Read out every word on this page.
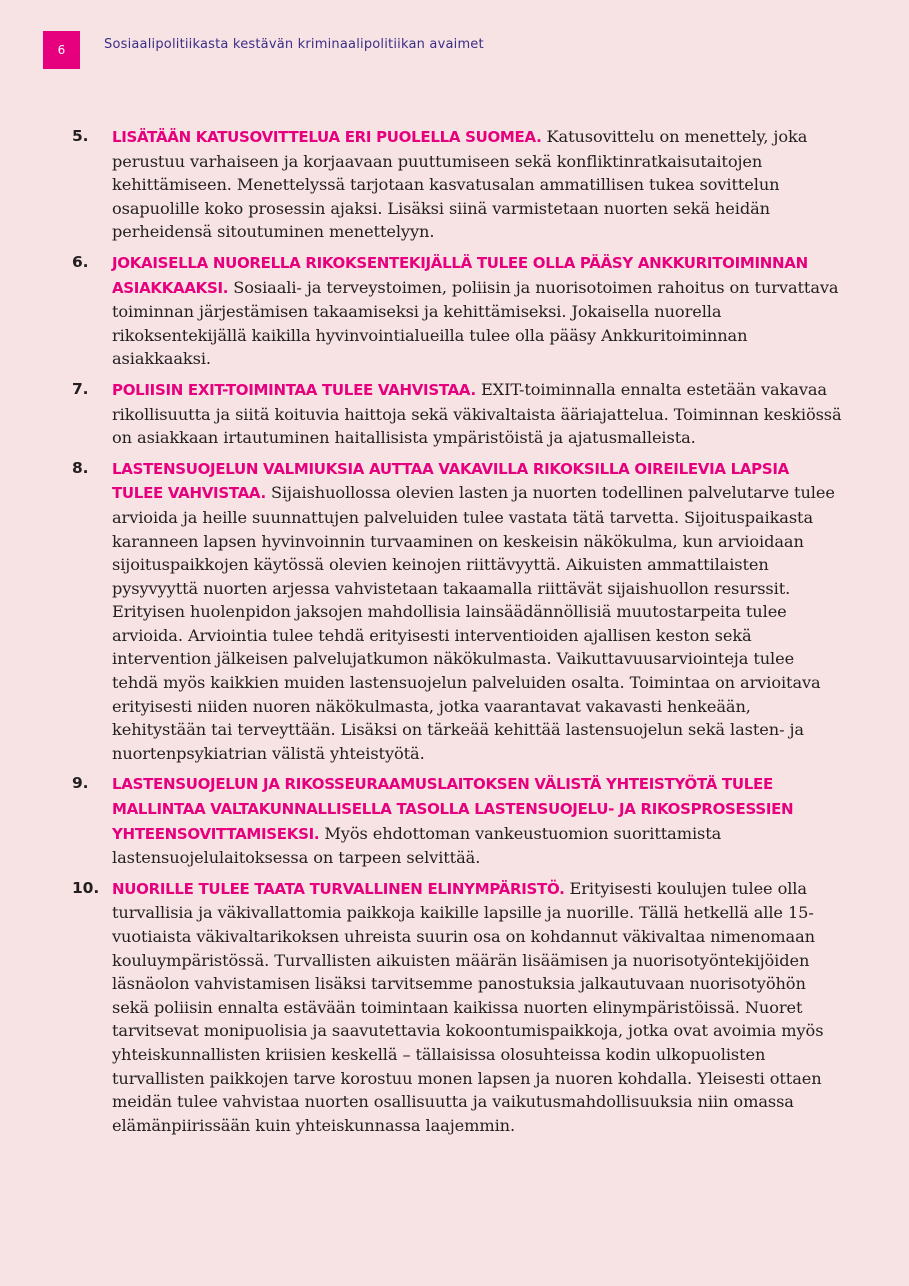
6	Sosiaalipolitiikasta kestävän kriminaalipolitiikan avaimet
5. LISÄTÄÄN KATUSOVITTELUA ERI PUOLELLA SUOMEA. Katusovittelu on menettely, joka perustuu varhaiseen ja korjaavaan puuttumiseen sekä konfliktinratkaisutaitojen kehittämiseen. Menettelyssä tarjotaan kasvatusalan ammatillisen tukea sovittelun osapuolille koko prosessin ajaksi. Lisäksi siinä varmistetaan nuorten sekä heidän perheidensä sitoutuminen menettelyyn.
6. JOKAISELLA NUORELLA RIKOKSENTEKIJÄLLÄ TULEE OLLA PÄÄSY ANKKURITOIMINNAN ASIAKKAAKSI. Sosiaali- ja terveystoimen, poliisin ja nuorisotoimen rahoitus on turvattava toiminnan järjestämisen takaamiseksi ja kehittämiseksi. Jokaisella nuorella rikoksentekijällä kaikilla hyvinvointialueilla tulee olla pääsy Ankkuritoiminnan asiakkaaksi.
7. POLIISIN EXIT-TOIMINTAA TULEE VAHVISTAA. EXIT-toiminnalla ennalta estetään vakavaa rikollisuutta ja siitä koituvia haittoja sekä väkivaltaista ääriajattelua. Toiminnan keskiössä on asiakkaan irtautuminen haitallisista ympäristöistä ja ajatusmalleista.
8. LASTENSUOJELUN VALMIUKSIA AUTTAA VAKAVILLA RIKOKSILLA OIREILEVIA LAPSIA TULEE VAHVISTAA. Sijaishuollossa olevien lasten ja nuorten todellinen palvelutarve tulee arvioida ja heille suunnattujen palveluiden tulee vastata tätä tarvetta. Sijoituspaikasta karanneen lapsen hyvinvoinnin turvaaminen on keskeisin näkökulma, kun arvioidaan sijoituspaikkojen käytössä olevien keinojen riittävyyttä. Aikuisten ammattilaisten pysyvyyttä nuorten arjessa vahvistetaan takaamalla riittävät sijaishuollon resurssit. Erityisen huolenpidon jaksojen mahdollisia lainsäädännöllisiä muutostarpeita tulee arvioida. Arviointia tulee tehdä erityisesti interventioiden ajallisen keston sekä intervention jälkeisen palvelujatkumon näkökulmasta. Vaikuttavuusarviointeja tulee tehdä myös kaikkien muiden lastensuojelun palveluiden osalta. Toimintaa on arvioitava erityisesti niiden nuoren näkökulmasta, jotka vaarantavat vakavasti henkeään, kehitystään tai terveyttään. Lisäksi on tärkeää kehittää lastensuojelun sekä lasten- ja nuortenpsykiatrian välistä yhteistyötä.
9. LASTENSUOJELUN JA RIKOSSEURAAMUSLAITOKSEN VÄLISTÄ YHTEISTYÖTÄ TULEE MALLINTAA VALTAKUNNALLISELLA TASOLLA LASTENSUOJELU- JA RIKOSPROSESSIEN YHTEENSOVITTAMISEKSI. Myös ehdottoman vankeustuomion suorittamista lastensuojelulaitoksessa on tarpeen selvittää.
10. NUORILLE TULEE TAATA TURVALLINEN ELINYMPÄRISTÖ. Erityisesti koulujen tulee olla turvallisia ja väkivallattomia paikkoja kaikille lapsille ja nuorille. Tällä hetkellä alle 15-vuotiaista väkivaltarikoksen uhreista suurin osa on kohdannut väkivaltaa nimenomaan kouluympäristössä. Turvallisten aikuisten määrän lisäämisen ja nuorisotyöntekijöiden läsnäolon vahvistamisen lisäksi tarvitsemme panostuksia jalkautuvaan nuorisotyöhön sekä poliisin ennalta estävään toimintaan kaikissa nuorten elinympäristöissä. Nuoret tarvitsevat monipuolisia ja saavutettavia kokoontumispaikkoja, jotka ovat avoimia myös yhteiskunnallisten kriisien keskellä – tällaisissa olosuhteissa kodin ulkopuolisten turvallisten paikkojen tarve korostuu monen lapsen ja nuoren kohdalla. Yleisesti ottaen meidän tulee vahvistaa nuorten osallisuutta ja vaikutusmahdollisuuksia niin omassa elämänpiirissään kuin yhteiskunnassa laajemmin.
